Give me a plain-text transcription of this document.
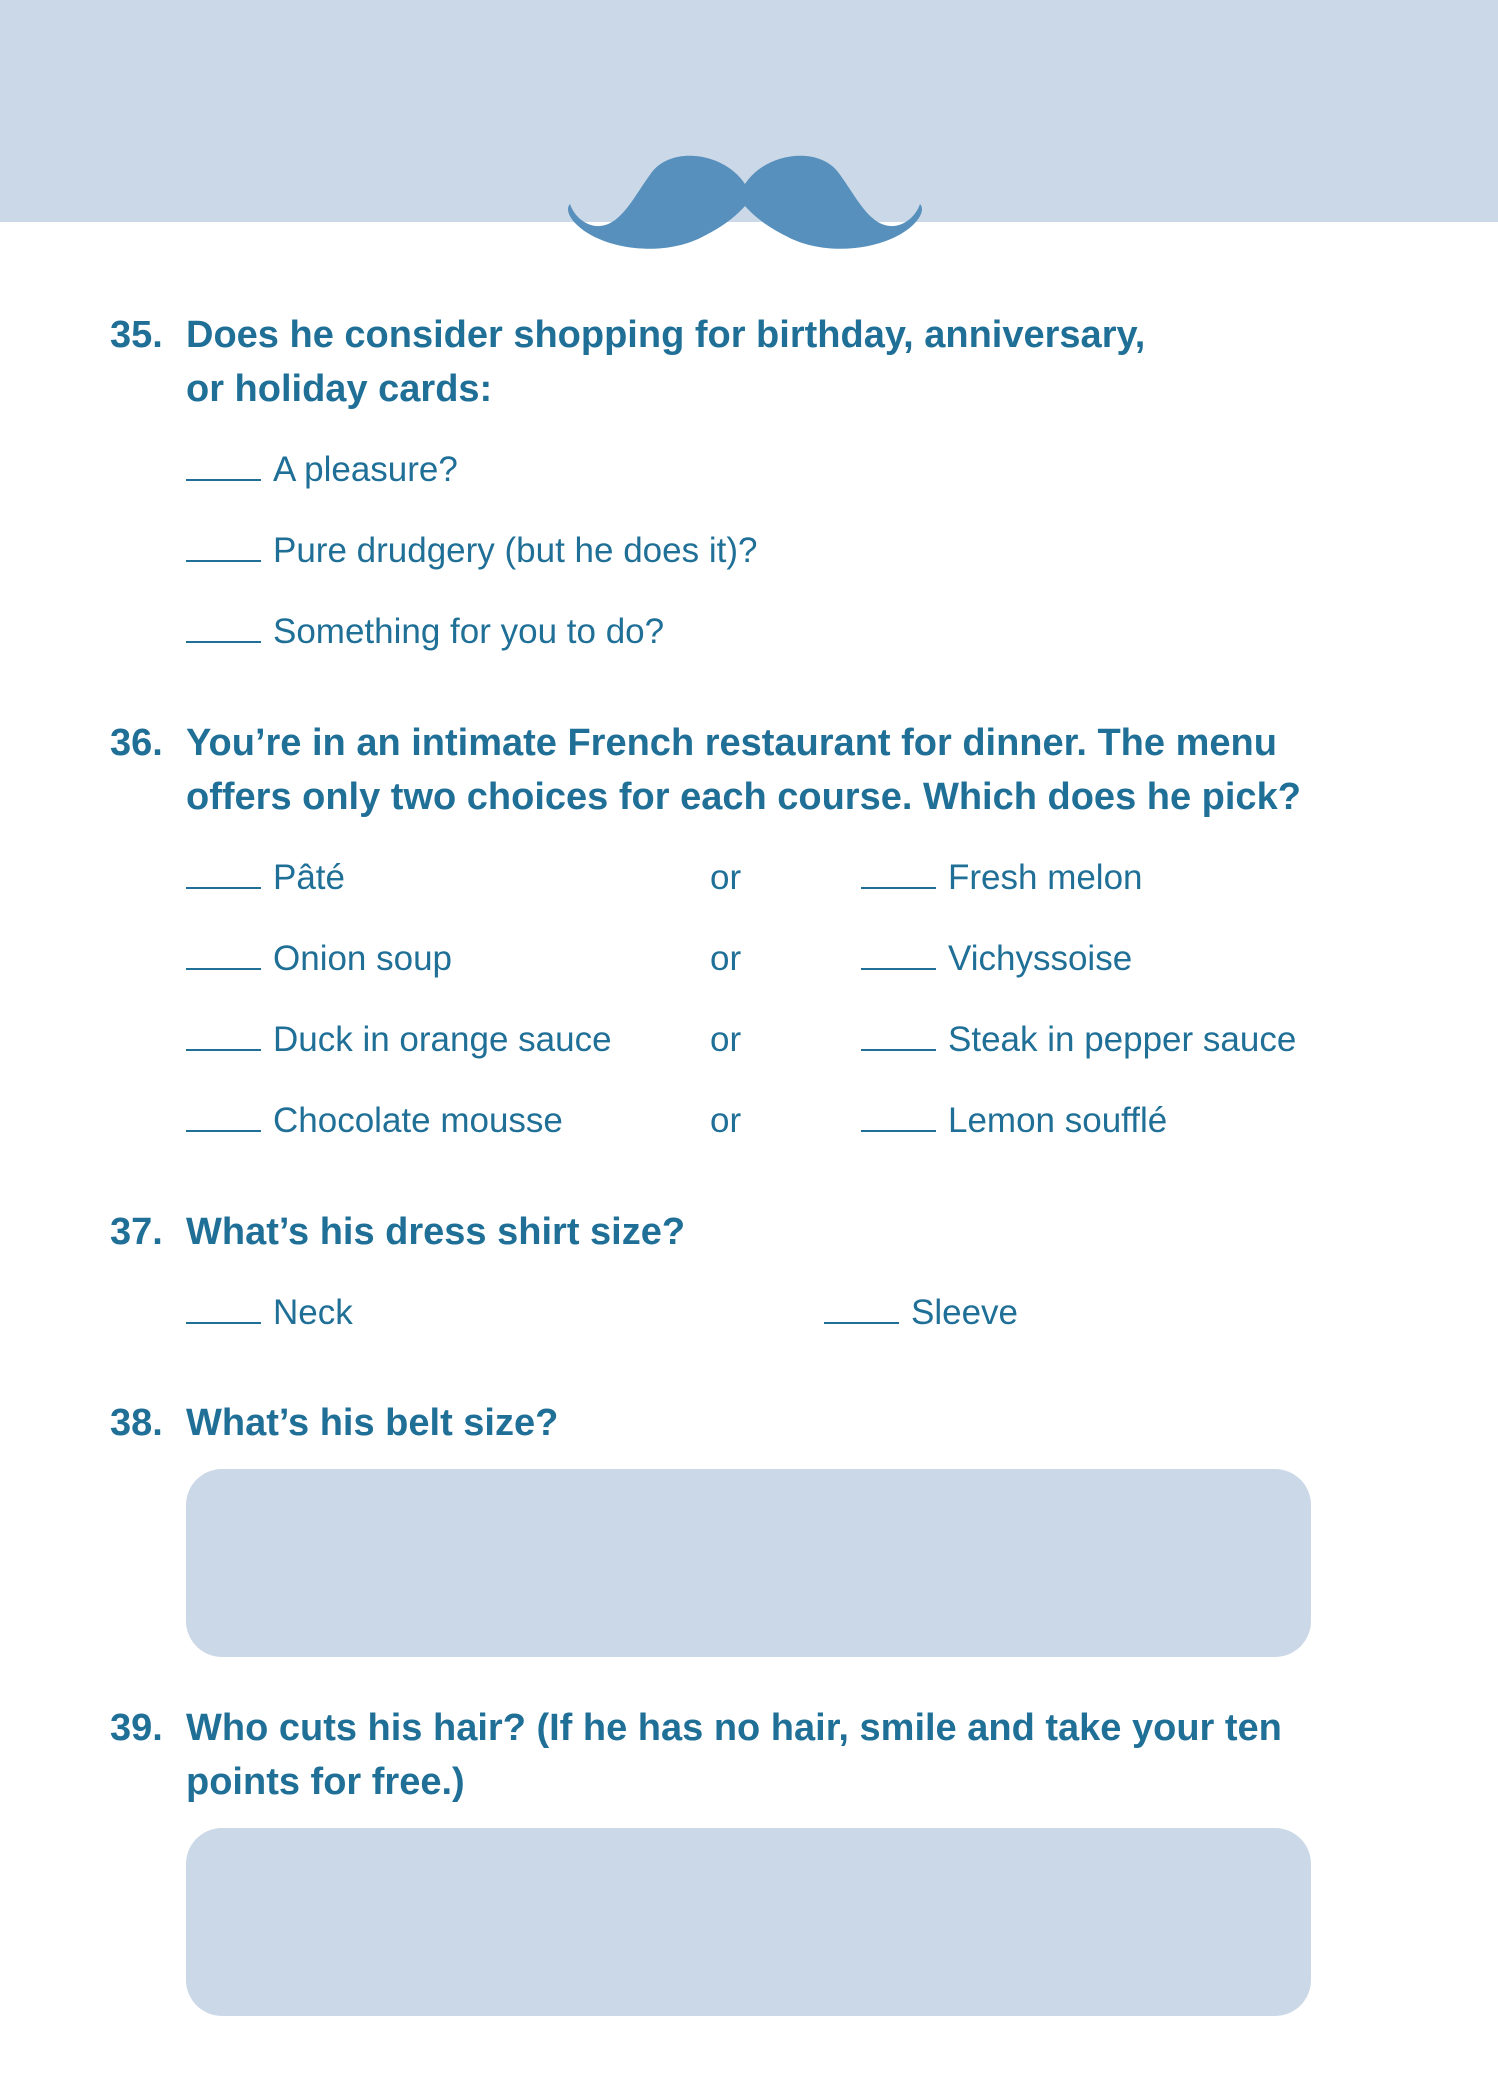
35. Does he consider shopping for birthday, anniversary,
or holiday cards:
A pleasure?
Pure drudgery (but he does it)?
Something for you to do?
36. You’re in an intimate French restaurant for dinner. The menu
offers only two choices for each course. Which does he pick?
Pâté	or	Fresh melon
Onion soup	or	Vichyssoise
Duck in orange sauce	or	Steak in pepper sauce
Chocolate mousse	or	Lemon soufflé
37. What’s his dress shirt size?
Neck	Sleeve
38. What’s his belt size?
39. Who cuts his hair? (If he has no hair, smile and take your ten
points for free.)
